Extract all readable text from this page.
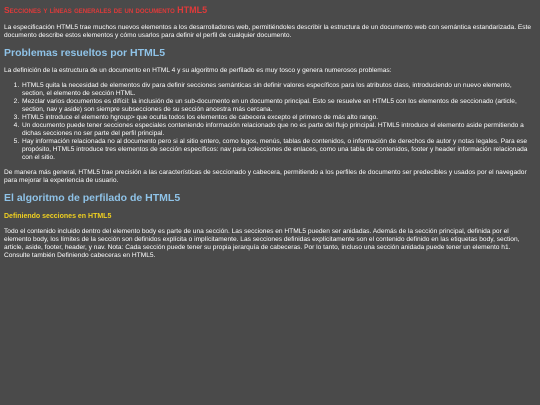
Secciones y líneas generales de un documento HTML5

La especificación HTML5 trae muchos nuevos elementos a los desarrolladores web, permitiéndoles describir la estructura de un documento web con semántica estandarizada. Este documento describe estos elementos y cómo usarlos para definir el perfil de cualquier documento.

Problemas resueltos por HTML5

La definición de la estructura de un documento en HTML 4 y su algoritmo de perfilado es muy tosco y genera numerosos problemas:

1. HTML5 quita la necesidad de elementos div para definir secciones semánticas sin definir valores específicos para los atributos class, introduciendo un nuevo elemento, section, el elemento de sección HTML.
2. Mezclar varios documentos es difícil: la inclusión de un sub-documento en un documento principal. Esto se resuelve en HTML5 con los elementos de seccionado (article, section, nav y aside) son siempre subsecciones de su sección ancestra más cercana.
3. HTML5 introduce el elemento hgroup> que oculta todos los elementos de cabecera excepto el primero de más alto rango.
4. Un documento puede tener secciones especiales conteniendo información relacionado que no es parte del flujo principal. HTML5 introduce el elemento aside permitiendo a dichas secciones no ser parte del perfil principal.
5. Hay información relacionada no al documento pero si al sitio entero, como logos, menús, tablas de contenidos, o información de derechos de autor y notas legales. Para ese propósito, HTML5 introduce tres elementos de sección específicos: nav para colecciones de enlaces, como una tabla de contenidos, footer y header información relacionada con el sitio.

De manera más general, HTML5 trae precisión a las características de seccionado y cabecera, permitiendo a los perfiles de documento ser predecibles y usados por el navegador para mejorar la experiencia de usuario.

El algoritmo de perfilado de HTML5
Definiendo secciones en HTML5

Todo el contenido incluido dentro del elemento body es parte de una sección. Las secciones en HTML5 pueden ser anidadas. Además de la sección principal, definida por el elemento body, los límites de la sección son definidos explícita o implícitamente. Las secciones definidas explícitamente son el contenido definido en las etiquetas body, section, article, aside, footer, header, y nav. Nota: Cada sección puede tener su propia jerarquía de cabeceras. Por lo tanto, incluso una sección anidada puede tener un elemento h1. Consulte también Definiendo cabeceras en HTML5.
